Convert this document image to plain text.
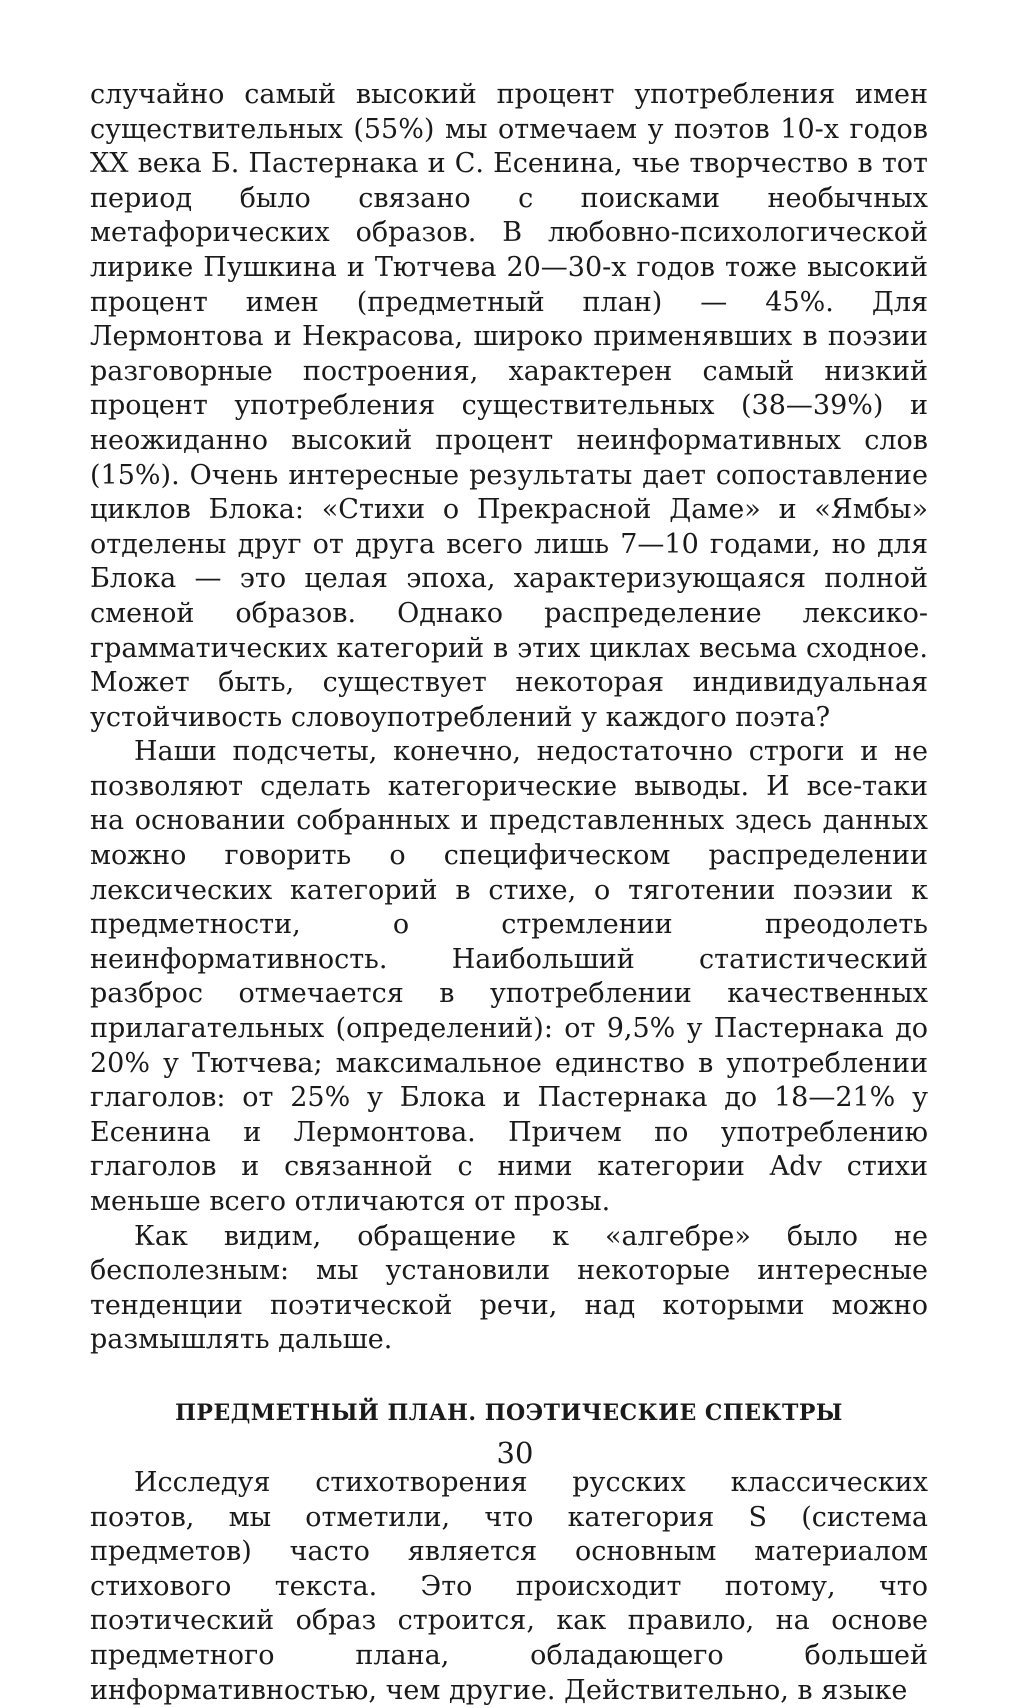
случайно самый высокий процент употребления имен существительных (55%) мы отмечаем у поэтов 10-х годов XX века Б. Пастернака и С. Есенина, чье творчество в тот период было связано с поисками необычных метафорических образов. В любовно-психологической лирике Пушкина и Тютчева 20—30-х годов тоже высокий процент имен (предметный план) — 45%. Для Лермонтова и Некрасова, широко применявших в поэзии разговорные построения, характерен самый низкий процент употребления существительных (38—39%) и неожиданно высокий процент неинформативных слов (15%). Очень интересные результаты дает сопоставление циклов Блока: «Стихи о Прекрасной Даме» и «Ямбы» отделены друг от друга всего лишь 7—10 годами, но для Блока — это целая эпоха, характеризующаяся полной сменой образов. Однако распределение лексико-грамматических категорий в этих циклах весьма сходное. Может быть, существует некоторая индивидуальная устойчивость словоупотреблений у каждого поэта?

Наши подсчеты, конечно, недостаточно строги и не позволяют сделать категорические выводы. И все-таки на основании собранных и представленных здесь данных можно говорить о специфическом распределении лексических категорий в стихе, о тяготении поэзии к предметности, о стремлении преодолеть неинформативность. Наибольший статистический разброс отмечается в употреблении качественных прилагательных (определений): от 9,5% у Пастернака до 20% у Тютчева; максимальное единство в употреблении глаголов: от 25% у Блока и Пастернака до 18—21% у Есенина и Лермонтова. Причем по употреблению глаголов и связанной с ними категории Adv стихи меньше всего отличаются от прозы.

Как видим, обращение к «алгебре» было не бесполезным: мы установили некоторые интересные тенденции поэтической речи, над которыми можно размышлять дальше.

ПРЕДМЕТНЫЙ ПЛАН. ПОЭТИЧЕСКИЕ СПЕКТРЫ

Исследуя стихотворения русских классических поэтов, мы отметили, что категория S (система предметов) часто является основным материалом стихового текста. Это происходит потому, что поэтический образ строится, как правило, на основе предметного плана, обладающего большей информативностью, чем другие. Действительно, в языке

30
